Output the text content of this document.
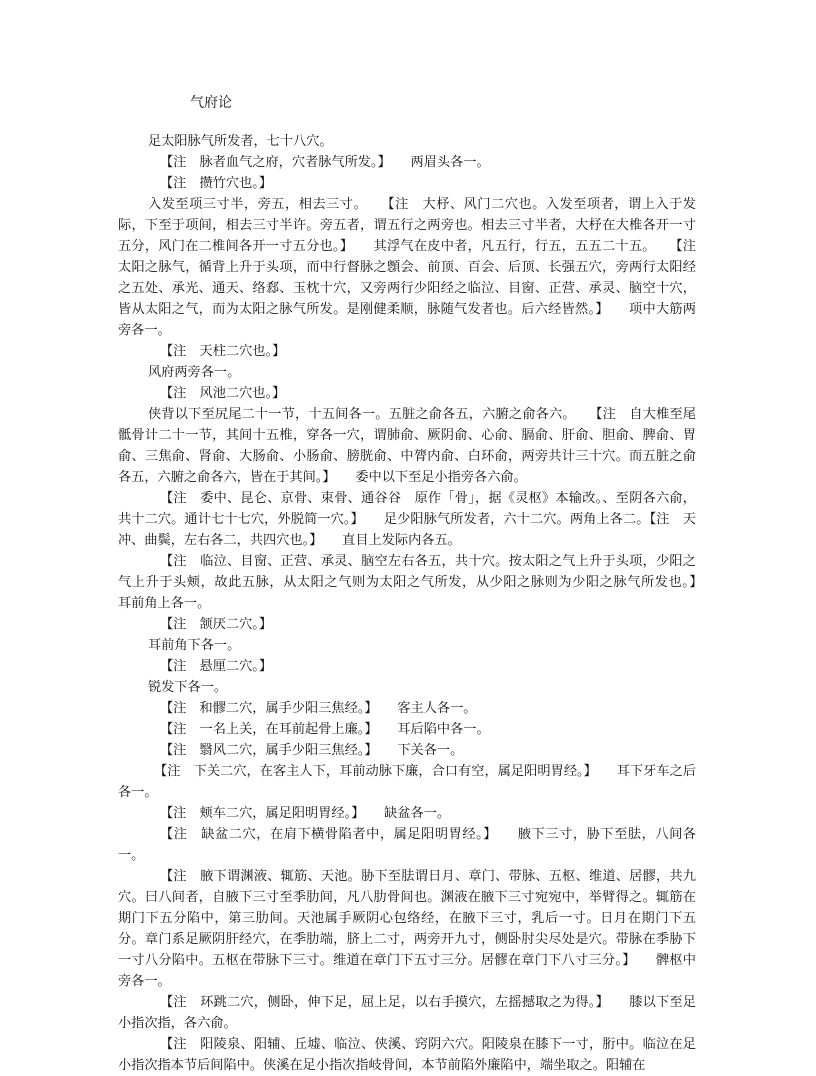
气府论

足太阳脉气所发者，七十八穴。

【注　脉者血气之府，穴者脉气所发。】　　两眉头各一。

【注　攒竹穴也。】

入发至项三寸半，旁五，相去三寸。　　【注　大杼、风门二穴也。入发至项者，谓上入于发际，下至于项间，相去三寸半许。旁五者，谓五行之两旁也。相去三寸半者，大杼在大椎各开一寸五分，风门在二椎间各开一寸五分也。】　　其浮气在皮中者，凡五行，行五，五五二十五。　　【注　太阳之脉气，循背上升于头项，而中行督脉之顖会、前顶、百会、后顶、长强五穴，旁两行太阳经之五处、承光、通天、络郄、玉枕十穴，又旁两行少阳经之临泣、目窗、正营、承灵、脑空十穴，皆从太阳之气，而为太阳之脉气所发。是刚健柔顺，脉随气发者也。后六经皆然。】　　项中大筋两旁各一。

【注　天柱二穴也。】

风府两旁各一。

【注　风池二穴也。】

侠背以下至尻尾二十一节，十五间各一。五脏之俞各五，六腑之俞各六。　　【注　自大椎至尾骶骨计二十一节，其间十五椎，穿各一穴，谓肺俞、厥阴俞、心俞、膈俞、肝俞、胆俞、脾俞、胃俞、三焦俞、肾俞、大肠俞、小肠俞、膀胱俞、中膂内俞、白环俞，两旁共计三十穴。而五脏之俞各五，六腑之俞各六，皆在于其间。】　　委中以下至足小指旁各六俞。

【注　委中、昆仑、京骨、束骨、通谷谷　原作「骨」，据《灵枢》本输改。、至阴各六俞，共十二穴。通计七十七穴，外脱简一穴。】　　足少阳脉气所发者，六十二穴。两角上各二。【注　天冲、曲鬓，左右各二，共四穴也。】　　直目上发际内各五。

【注　临泣、目窗、正营、承灵、脑空左右各五，共十穴。按太阳之气上升于头项，少阳之气上升于头颊，故此五脉，从太阳之气则为太阳之气所发，从少阳之脉则为少阳之脉气所发也。】　　耳前角上各一。

【注　颔厌二穴。】

耳前角下各一。

【注　悬厘二穴。】

锐发下各一。

【注　和髎二穴，属手少阳三焦经。】　　客主人各一。

【注　一名上关，在耳前起骨上廉。】　　耳后陷中各一。

【注　翳风二穴，属手少阳三焦经。】　　下关各一。

【注　下关二穴，在客主人下，耳前动脉下廉，合口有空，属足阳明胃经。】　　耳下牙车之后各一。

【注　颊车二穴，属足阳明胃经。】　　缺盆各一。

【注　缺盆二穴，在肩下横骨陷者中，属足阳明胃经。】　　腋下三寸，胁下至胠，八间各一。

【注　腋下谓渊液、辄筋、天池。胁下至胠谓日月、章门、带脉、五枢、维道、居髎，共九穴。曰八间者，自腋下三寸至季肋间，凡八肋骨间也。渊液在腋下三寸宛宛中，举臂得之。辄筋在期门下五分陷中，第三肋间。天池属手厥阴心包络经，在腋下三寸，乳后一寸。日月在期门下五分。章门系足厥阴肝经穴，在季肋端，脐上二寸，两旁开九寸，侧卧肘尖尽处是穴。带脉在季胁下一寸八分陷中。五枢在带脉下三寸。维道在章门下五寸三分。居髎在章门下八寸三分。】　　髀枢中旁各一。

【注　环跳二穴，侧卧，伸下足，屈上足，以右手摸穴，左摇撼取之为得。】　　膝以下至足小指次指，各六俞。

【注　阳陵泉、阳辅、丘墟、临泣、侠溪、窍阴六穴。阳陵泉在膝下一寸，胻中。临泣在足小指次指本节后间陷中。侠溪在足小指次指岐骨间，本节前陷外廉陷中，端坐取之。阳辅在
